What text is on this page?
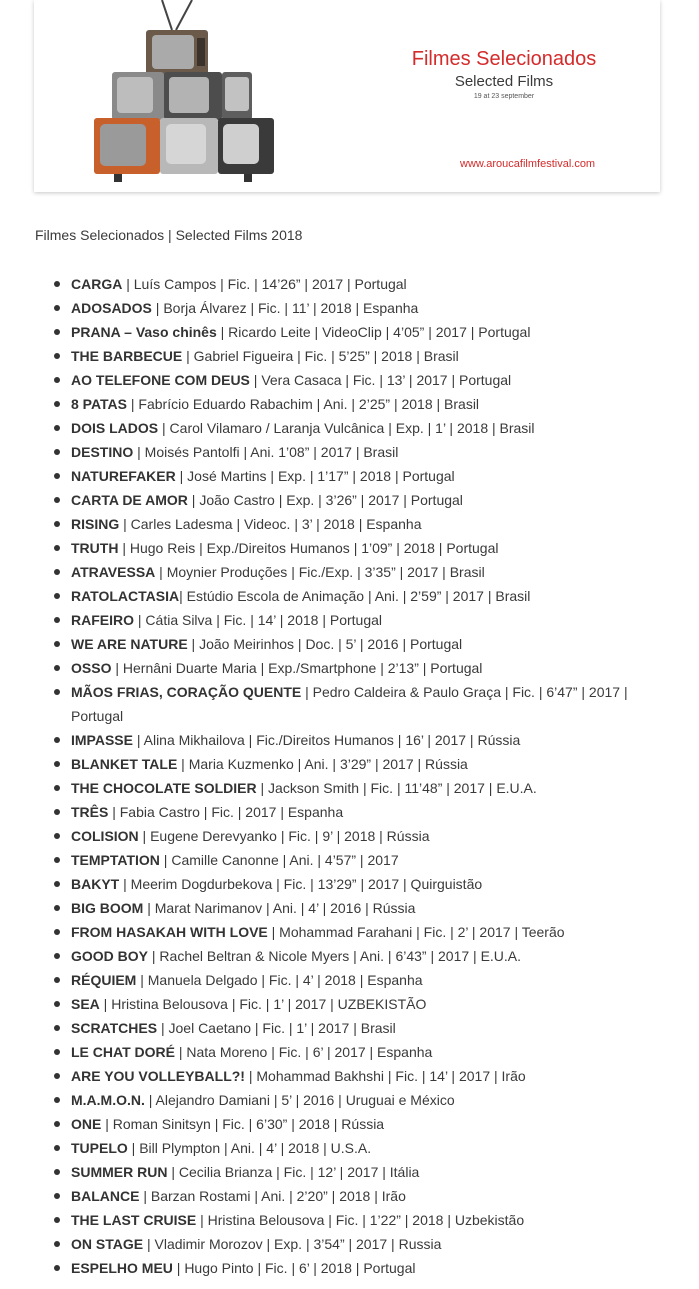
Filmes Selecionados
Selected Films
19 at 23 september
www.aroucafilmfestival.com
Filmes Selecionados | Selected Films 2018
CARGA | Luís Campos | Fic. | 14’26” | 2017 | Portugal
ADOSADOS | Borja Álvarez | Fic. | 11’ | 2018 | Espanha
PRANA – Vaso chinês | Ricardo Leite | VideoClip | 4’05” | 2017 | Portugal
THE BARBECUE | Gabriel Figueira | Fic. | 5’25” | 2018 | Brasil
AO TELEFONE COM DEUS | Vera Casaca | Fic. | 13’ | 2017 | Portugal
8 PATAS | Fabrício Eduardo Rabachim | Ani. | 2’25” | 2018 | Brasil
DOIS LADOS | Carol Vilamaro / Laranja Vulcânica | Exp. | 1’ | 2018 | Brasil
DESTINO | Moisés Pantolfi | Ani. 1’08” | 2017 | Brasil
NATUREFAKER | José Martins | Exp. | 1’17” | 2018 | Portugal
CARTA DE AMOR | João Castro | Exp. | 3’26” | 2017 | Portugal
RISING | Carles Ladesma | Videoc. | 3’ | 2018 | Espanha
TRUTH | Hugo Reis | Exp./Direitos Humanos | 1’09” | 2018 | Portugal
ATRAVESSA | Moynier Produções | Fic./Exp. | 3’35” | 2017 | Brasil
RATOLACTASIA| Estúdio Escola de Animação | Ani. | 2’59” | 2017 | Brasil
RAFEIRO | Cátia Silva | Fic. | 14’ | 2018 | Portugal
WE ARE NATURE | João Meirinhos | Doc. | 5’ | 2016 | Portugal
OSSO | Hernâni Duarte Maria | Exp./Smartphone | 2’13” | Portugal
MÃOS FRIAS, CORAÇÃO QUENTE | Pedro Caldeira & Paulo Graça | Fic. | 6’47” | 2017 | Portugal
IMPASSE | Alina Mikhailova | Fic./Direitos Humanos | 16’ | 2017 | Rússia
BLANKET TALE | Maria Kuzmenko | Ani. | 3’29” | 2017 | Rússia
THE CHOCOLATE SOLDIER | Jackson Smith | Fic. | 11’48” | 2017 | E.U.A.
TRÊS | Fabia Castro | Fic. | 2017 | Espanha
COLISION | Eugene Derevyanko | Fic. | 9’ | 2018 | Rússia
TEMPTATION | Camille Canonne | Ani. | 4’57” | 2017
BAKYT | Meerim Dogdurbekova | Fic. | 13’29” | 2017 | Quirguistão
BIG BOOM | Marat Narimanov | Ani. | 4’ | 2016 | Rússia
FROM HASAKAH WITH LOVE | Mohammad Farahani | Fic. | 2’ | 2017 | Teerão
GOOD BOY | Rachel Beltran & Nicole Myers | Ani. | 6’43” | 2017 | E.U.A.
RÉQUIEM | Manuela Delgado | Fic. | 4’ | 2018 | Espanha
SEA | Hristina Belousova | Fic. | 1’ | 2017 | UZBEKISTÃO
SCRATCHES | Joel Caetano | Fic. | 1’ | 2017 | Brasil
LE CHAT DORÉ | Nata Moreno | Fic. | 6’ | 2017 | Espanha
ARE YOU VOLLEYBALL?! | Mohammad Bakhshi | Fic. | 14’ | 2017 | Irão
M.A.M.O.N. | Alejandro Damiani | 5’ | 2016 | Uruguai e México
ONE | Roman Sinitsyn | Fic. | 6’30” | 2018 | Rússia
TUPELO | Bill Plympton | Ani. | 4’ | 2018 | U.S.A.
SUMMER RUN | Cecilia Brianza | Fic. | 12’ | 2017 | Itália
BALANCE | Barzan Rostami | Ani. | 2’20” | 2018 | Irão
THE LAST CRUISE | Hristina Belousova | Fic. | 1’22” | 2018 | Uzbekistão
ON STAGE | Vladimir Morozov | Exp. | 3’54” | 2017 | Russia
ESPELHO MEU | Hugo Pinto | Fic. | 6’ | 2018 | Portugal
